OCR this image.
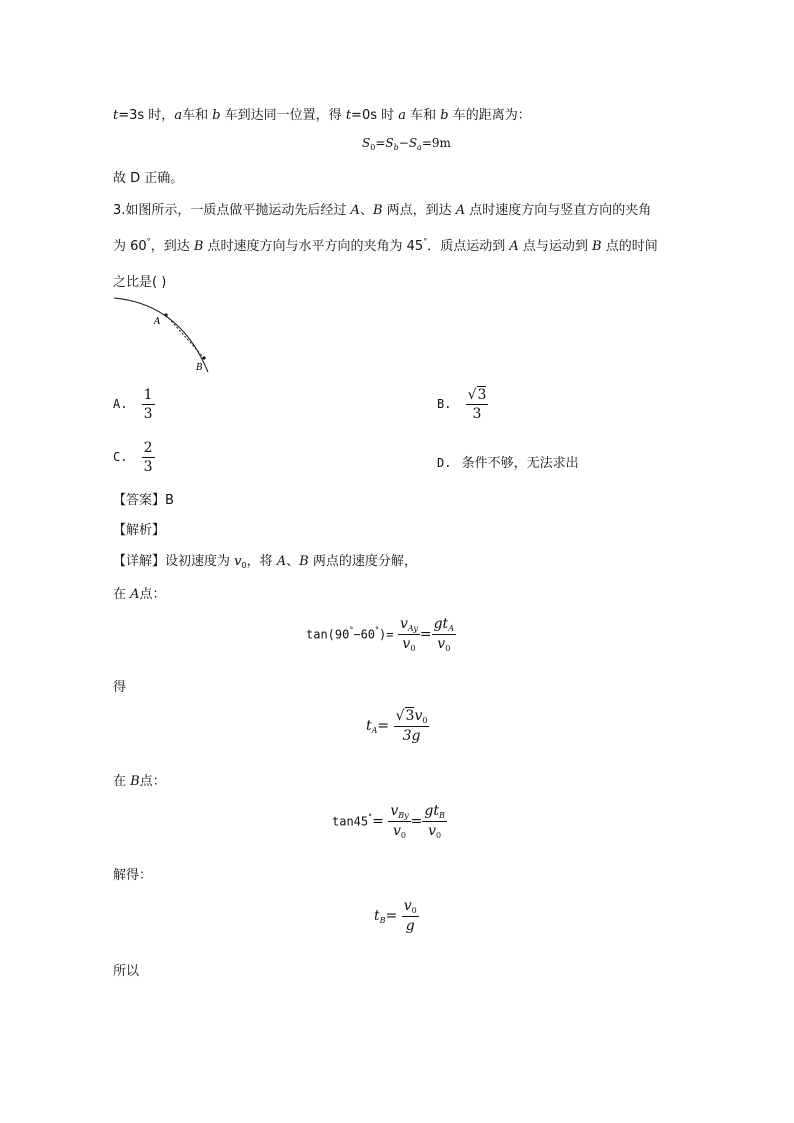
t=3s 时，a车和 b 车到达同一位置，得 t=0s 时 a 车和 b 车的距离为：
$S_0=S_b-S_a=9m$
故 D 正确。
3.如图所示，一质点做平抛运动先后经过 A、B 两点，到达 A 点时速度方向与竖直方向的夹角
为 60°，到达 B 点时速度方向与水平方向的夹角为 45°．质点运动到 A 点与运动到 B 点的时间
之比是( )
A
B
A. $\frac{1}{3}$	B. $\frac{√3}{3}$
C. $\frac{2}{3}$	D. 条件不够，无法求出
【答案】B
【解析】
【详解】设初速度为 $v_0$，将 A、B 两点的速度分解，
在 A点：
$\tan(90^\circ-60^\circ)= \frac{v_{Ay}}{v_0} = \frac{gt_A}{v_0}$
得
$t_A= \frac{√3v_0}{3g}$
在 B点：
$\tan 45^\circ= \frac{v_{By}}{v_0} = \frac{gt_B}{v_0}$
解得：
$t_B= \frac{v_0}{g}$
所以
